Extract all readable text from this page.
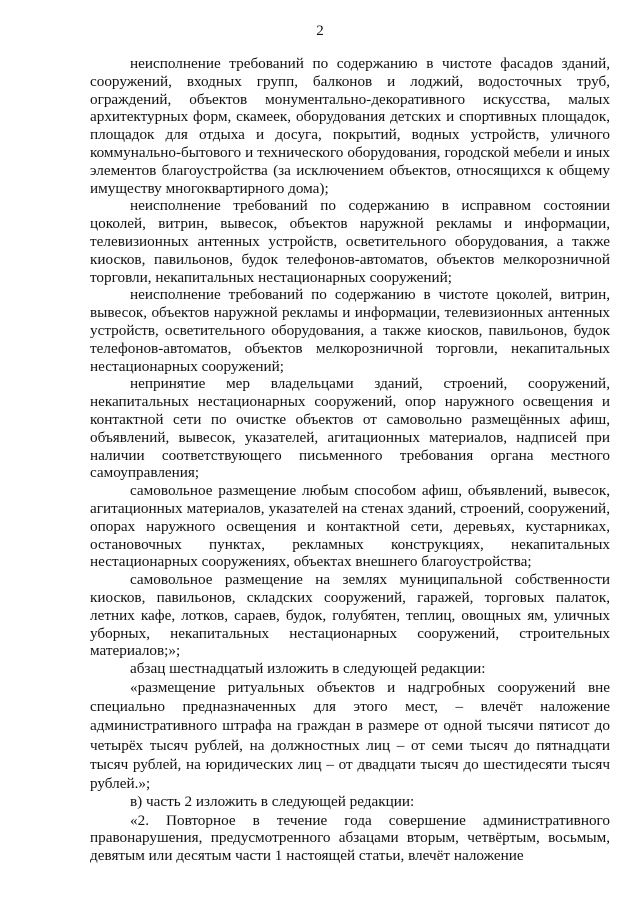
2

неисполнение требований по содержанию в чистоте фасадов зданий, сооружений, входных групп, балконов и лоджий, водосточных труб, ограждений, объектов монументально-декоративного искусства, малых архитектурных форм, скамеек, оборудования детских и спортивных площадок, площадок для отдыха и досуга, покрытий, водных устройств, уличного коммунально-бытового и технического оборудования, городской мебели и иных элементов благоустройства (за исключением объектов, относящихся к общему имуществу многоквартирного дома);

неисполнение требований по содержанию в исправном состоянии цоколей, витрин, вывесок, объектов наружной рекламы и информации, телевизионных антенных устройств, осветительного оборудования, а также киосков, павильонов, будок телефонов-автоматов, объектов мелкорозничной торговли, некапитальных нестационарных сооружений;

неисполнение требований по содержанию в чистоте цоколей, витрин, вывесок, объектов наружной рекламы и информации, телевизионных антенных устройств, осветительного оборудования, а также киосков, павильонов, будок телефонов-автоматов, объектов мелкорозничной торговли, некапитальных нестационарных сооружений;

непринятие мер владельцами зданий, строений, сооружений, некапитальных нестационарных сооружений, опор наружного освещения и контактной сети по очистке объектов от самовольно размещённых афиш, объявлений, вывесок, указателей, агитационных материалов, надписей при наличии соответствующего письменного требования органа местного самоуправления;

самовольное размещение любым способом афиш, объявлений, вывесок, агитационных материалов, указателей на стенах зданий, строений, сооружений, опорах наружного освещения и контактной сети, деревьях, кустарниках, остановочных пунктах, рекламных конструкциях, некапитальных нестационарных сооружениях, объектах внешнего благоустройства;

самовольное размещение на землях муниципальной собственности киосков, павильонов, складских сооружений, гаражей, торговых палаток, летних кафе, лотков, сараев, будок, голубятен, теплиц, овощных ям, уличных уборных, некапитальных нестационарных сооружений, строительных материалов;»;

абзац шестнадцатый изложить в следующей редакции:

«размещение ритуальных объектов и надгробных сооружений вне специально предназначенных для этого мест, – влечёт наложение административного штрафа на граждан в размере от одной тысячи пятисот до четырёх тысяч рублей, на должностных лиц – от семи тысяч до пятнадцати тысяч рублей, на юридических лиц – от двадцати тысяч до шестидесяти тысяч рублей.»;

в) часть 2 изложить в следующей редакции:

«2. Повторное в течение года совершение административного правонарушения, предусмотренного абзацами вторым, четвёртым, восьмым, девятым или десятым части 1 настоящей статьи, влечёт наложение
